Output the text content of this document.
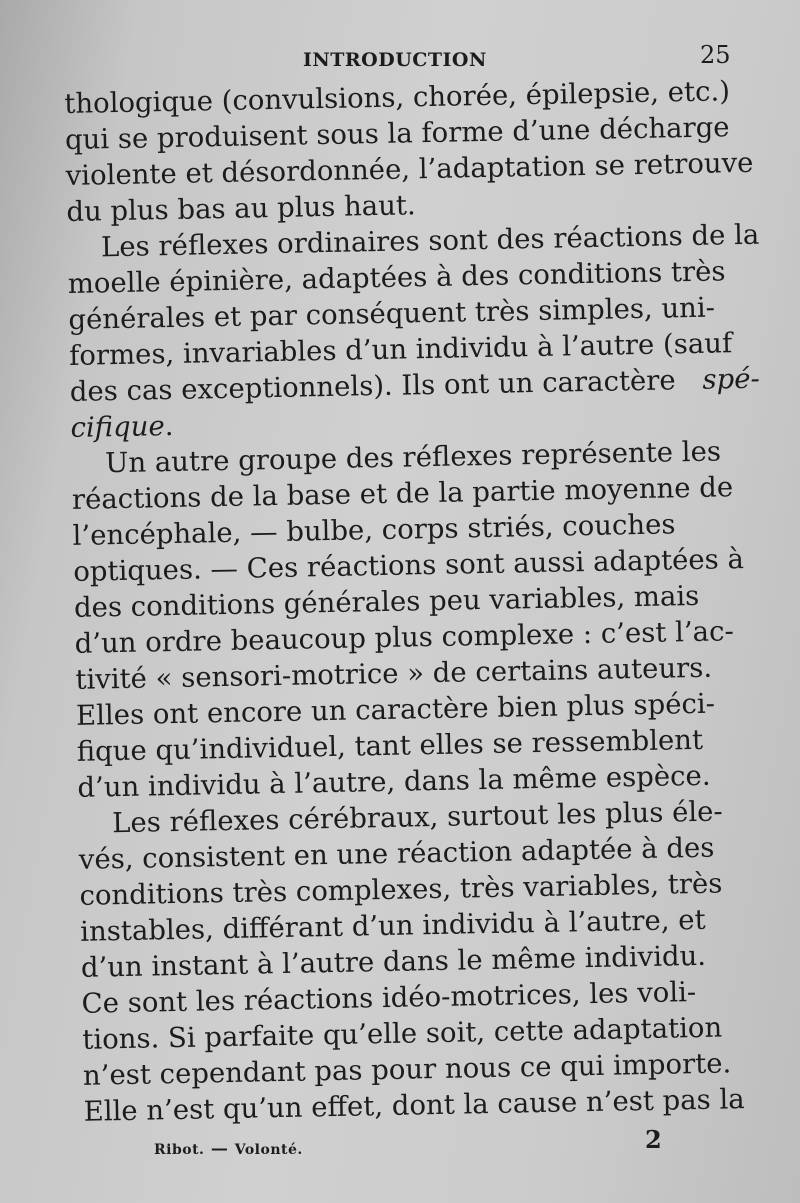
INTRODUCTION	25
thologique (convulsions, chorée, épilepsie, etc.)
qui se produisent sous la forme d’une décharge
violente et désordonnée, l’adaptation se retrouve
du plus bas au plus haut.
Les réflexes ordinaires sont des réactions de la
moelle épinière, adaptées à des conditions très
générales et par conséquent très simples, uni-
formes, invariables d’un individu à l’autre (sauf
des cas exceptionnels). Ils ont un caractère spé-
cifique .
Un autre groupe des réflexes représente les
réactions de la base et de la partie moyenne de
l’encéphale, — bulbe, corps striés, couches
optiques. — Ces réactions sont aussi adaptées à
des conditions générales peu variables, mais
d’un ordre beaucoup plus complexe : c’est l’ac-
tivité « sensori-motrice » de certains auteurs.
Elles ont encore un caractère bien plus spéci-
fique qu’individuel, tant elles se ressemblent
d’un individu à l’autre, dans la même espèce.
Les réflexes cérébraux, surtout les plus éle-
vés, consistent en une réaction adaptée à des
conditions très complexes, très variables, très
instables, différant d’un individu à l’autre, et
d’un instant à l’autre dans le même individu.
Ce sont les réactions idéo-motrices, les voli-
tions. Si parfaite qu’elle soit, cette adaptation
n’est cependant pas pour nous ce qui importe.
Elle n’est qu’un effet, dont la cause n’est pas la
Ribot. — Volonté.	2
